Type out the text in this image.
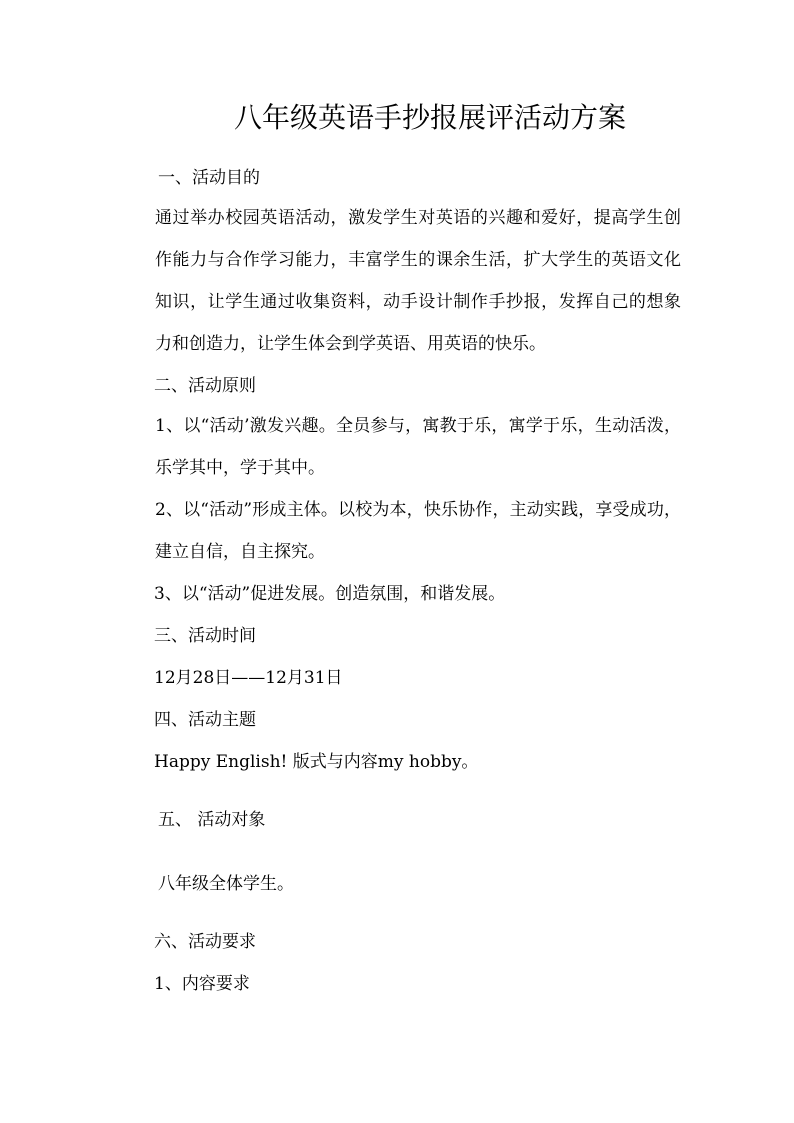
八年级英语手抄报展评活动方案
一、活动目的
通过举办校园英语活动，激发学生对英语的兴趣和爱好，提高学生创作能力与合作学习能力，丰富学生的课余生活，扩大学生的英语文化知识，让学生通过收集资料，动手设计制作手抄报，发挥自己的想象力和创造力，让学生体会到学英语、用英语的快乐。
二、活动原则
1、以“活动’激发兴趣。全员参与，寓教于乐，寓学于乐，生动活泼，乐学其中，学于其中。
2、以“活动”形成主体。以校为本，快乐协作，主动实践，享受成功，建立自信，自主探究。
3、以“活动”促进发展。创造氛围，和谐发展。
三、活动时间
12月28日——12月31日
四、活动主题
Happy English! 版式与内容my hobby。
五、 活动对象
八年级全体学生。
六、活动要求
1、内容要求
